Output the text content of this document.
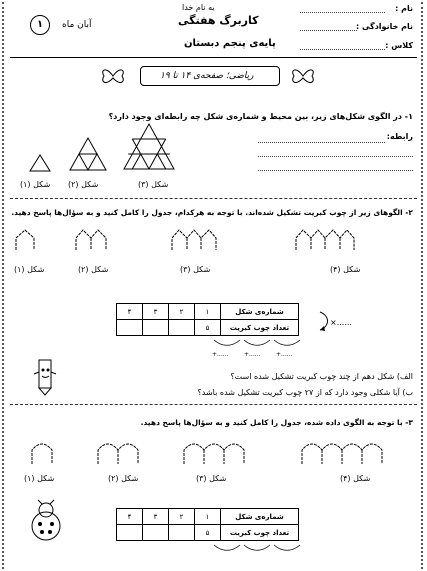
به نام خدا
کاربرگ هفتگی
پایه‌ی پنجم دبستان
آبان ماه
۱
نام :
نام خانوادگی :
کلاس :
ریاضی؛ صفحه‌ی ۱۴ تا ۱۹
۱- در الگوی شکل‌های زیر، بین محیط و شماره‌ی شکل چه رابطه‌ای وجود دارد؟
رابطه:
شکل (۱) شکل (۲)	شکل (۳)
۲- الگوهای زیر از چوب کبریت تشکیل شده‌اند. با توجه به هرکدام، جدول را کامل کنید و به سؤال‌ها پاسخ دهید.
شکل (۱)	شکل (۲)	شکل (۳)	شکل (۴)
شماره‌ی شکل	۱	۲	۳	۴
تعداد چوب کبریت	۵			
×......
+......	+......	+......
الف) شکل دهم از چند چوب کبریت تشکیل شده است؟
ب) آیا شکلی وجود دارد که از ۲۷ چوب کبریت تشکیل شده باشد؟
۳- با توجه به الگوی داده شده، جدول را کامل کنید و به سؤال‌ها پاسخ دهید.
شکل (۱)	شکل (۲)	شکل (۳)	شکل (۴)
شماره‌ی شکل	۱	۲	۳	۴
تعداد چوب کبریت	۵			
